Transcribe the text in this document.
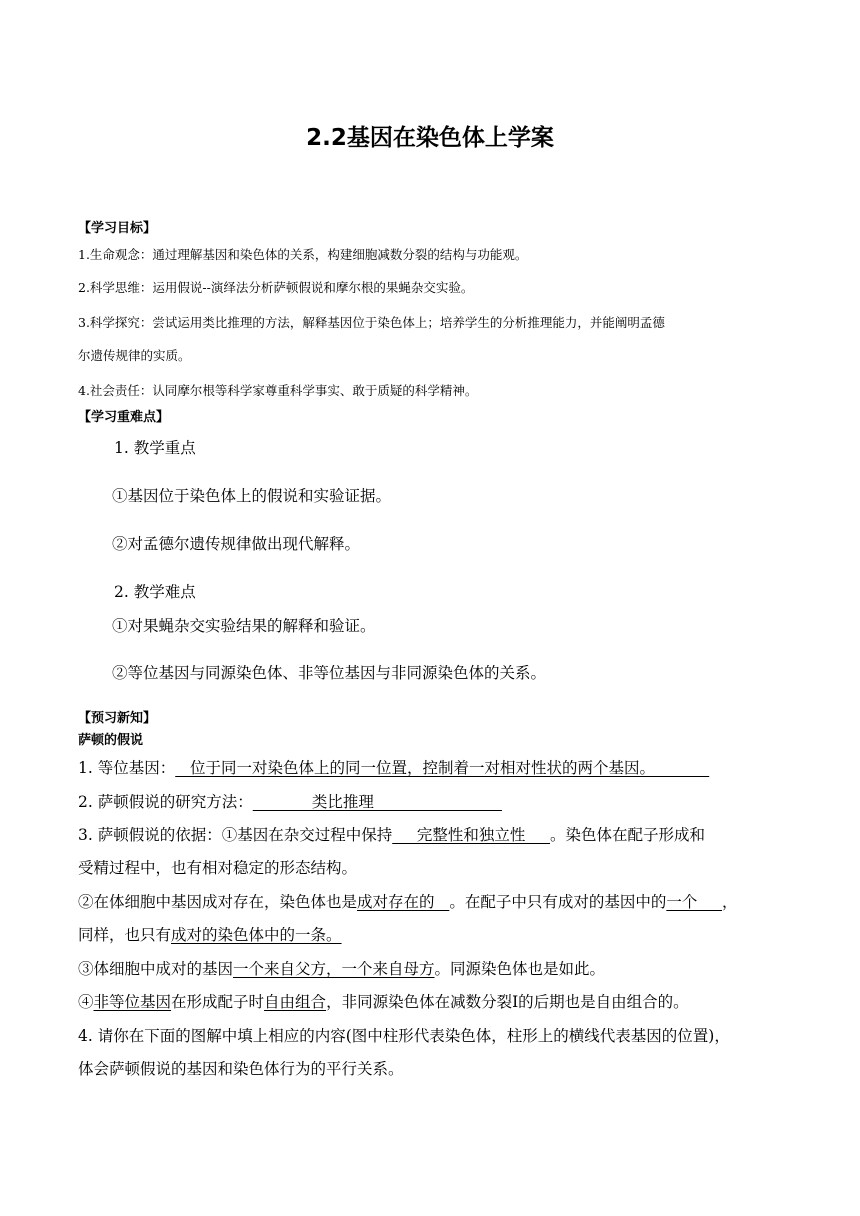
2.2基因在染色体上学案
【学习目标】
1.生命观念：通过理解基因和染色体的关系，构建细胞减数分裂的结构与功能观。
2.科学思维：运用假说--演绎法分析萨顿假说和摩尔根的果蝇杂交实验。
3.科学探究：尝试运用类比推理的方法，解释基因位于染色体上；培养学生的分析推理能力，并能阐明孟德
尔遗传规律的实质。
4.社会责任：认同摩尔根等科学家尊重科学事实、敢于质疑的科学精神。
【学习重难点】
1. 教学重点
①基因位于染色体上的假说和实验证据。
②对孟德尔遗传规律做出现代解释。
2. 教学难点
①对果蝇杂交实验结果的解释和验证。
②等位基因与同源染色体、非等位基因与非同源染色体的关系。
【预习新知】
萨顿的假说
1. 等位基因：   位于同一对染色体上的同一位置，控制着一对相对性状的两个基因。
2. 萨顿假说的研究方法：            类比推理
3. 萨顿假说的依据：①基因在杂交过程中保持     完整性和独立性     。染色体在配子形成和
受精过程中，也有相对稳定的形态结构。
②在体细胞中基因成对存在，染色体也是成对存在的   。在配子中只有成对的基因中的一个     ，
同样，也只有成对的染色体中的一条。
③体细胞中成对的基因一个来自父方，一个来自母方。同源染色体也是如此。
④非等位基因在形成配子时自由组合，非同源染色体在减数分裂Ⅰ的后期也是自由组合的。
4. 请你在下面的图解中填上相应的内容(图中柱形代表染色体，柱形上的横线代表基因的位置)，
体会萨顿假说的基因和染色体行为的平行关系。
